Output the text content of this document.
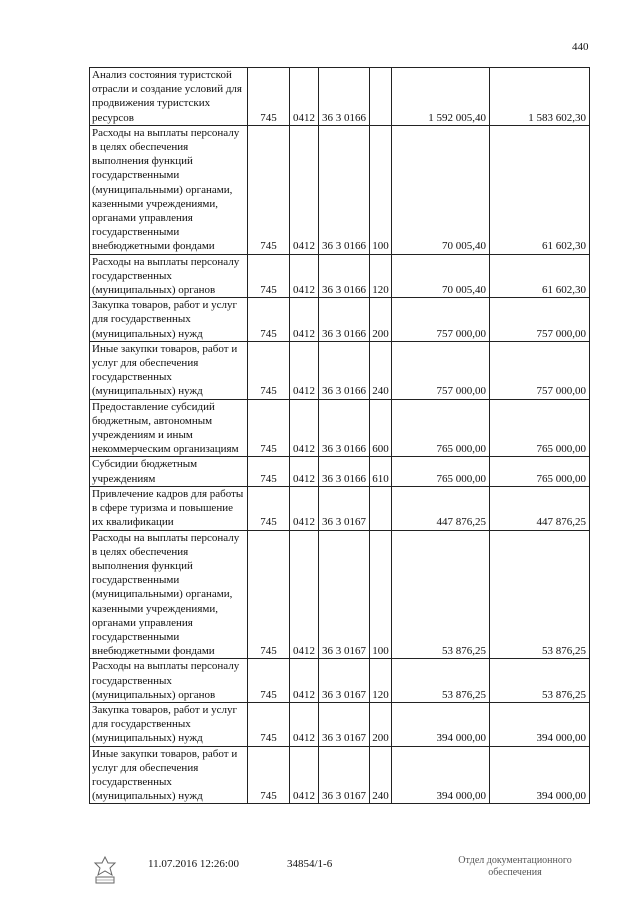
440
Анализ состояния туристской отрасли и создание условий для продвижения туристских ресурсов	745	0412	36 3 0166		1 592 005,40	1 583 602,30
Расходы на выплаты персоналу в целях обеспечения выполнения функций государственными (муниципальными) органами, казенными учреждениями, органами управления государственными внебюджетными фондами	745	0412	36 3 0166	100	70 005,40	61 602,30
Расходы на выплаты персоналу государственных (муниципальных) органов	745	0412	36 3 0166	120	70 005,40	61 602,30
Закупка товаров, работ и услуг для государственных (муниципальных) нужд	745	0412	36 3 0166	200	757 000,00	757 000,00
Иные закупки товаров, работ и услуг для обеспечения государственных (муниципальных) нужд	745	0412	36 3 0166	240	757 000,00	757 000,00
Предоставление субсидий бюджетным, автономным учреждениям и иным некоммерческим организациям	745	0412	36 3 0166	600	765 000,00	765 000,00
Субсидии бюджетным учреждениям	745	0412	36 3 0166	610	765 000,00	765 000,00
Привлечение кадров для работы в сфере туризма и повышение их квалификации	745	0412	36 3 0167		447 876,25	447 876,25
Расходы на выплаты персоналу в целях обеспечения выполнения функций государственными (муниципальными) органами, казенными учреждениями, органами управления государственными внебюджетными фондами	745	0412	36 3 0167	100	53 876,25	53 876,25
Расходы на выплаты персоналу государственных (муниципальных) органов	745	0412	36 3 0167	120	53 876,25	53 876,25
Закупка товаров, работ и услуг для государственных (муниципальных) нужд	745	0412	36 3 0167	200	394 000,00	394 000,00
Иные закупки товаров, работ и услуг для обеспечения государственных (муниципальных) нужд	745	0412	36 3 0167	240	394 000,00	394 000,00
11.07.2016 12:26:00	34854/1-6	Отдел документационного
обеспечения
